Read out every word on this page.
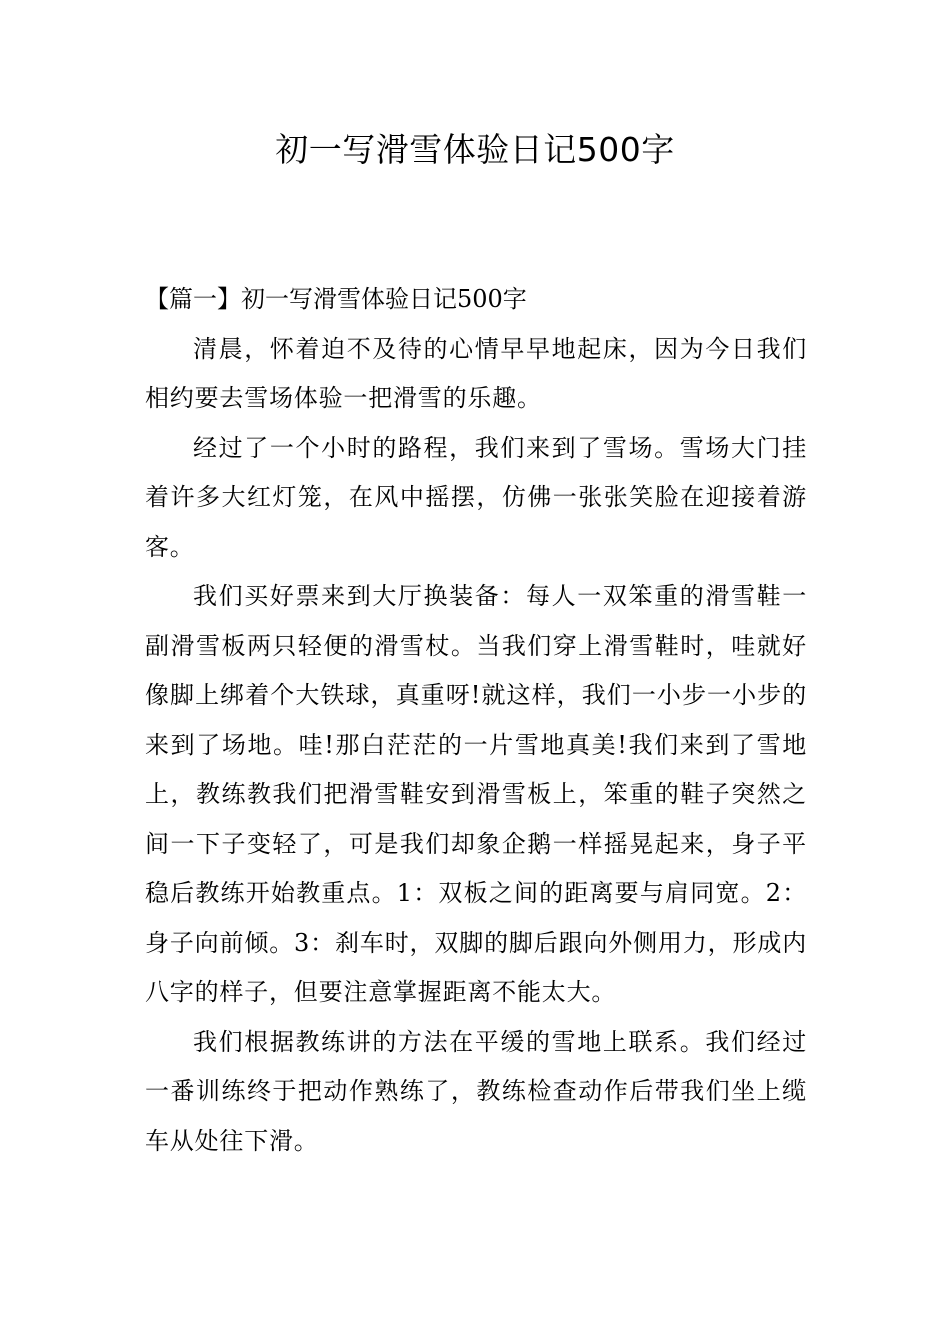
初一写滑雪体验日记500字
【篇一】初一写滑雪体验日记500字

清晨，怀着迫不及待的心情早早地起床，因为今日我们相约要去雪场体验一把滑雪的乐趣。

经过了一个小时的路程，我们来到了雪场。雪场大门挂着许多大红灯笼，在风中摇摆，仿佛一张张笑脸在迎接着游客。

我们买好票来到大厅换装备：每人一双笨重的滑雪鞋一副滑雪板两只轻便的滑雪杖。当我们穿上滑雪鞋时，哇就好像脚上绑着个大铁球，真重呀!就这样，我们一小步一小步的来到了场地。哇!那白茫茫的一片雪地真美!我们来到了雪地上，教练教我们把滑雪鞋安到滑雪板上，笨重的鞋子突然之间一下子变轻了，可是我们却象企鹅一样摇晃起来，身子平稳后教练开始教重点。1：双板之间的距离要与肩同宽。2：身子向前倾。3：刹车时，双脚的脚后跟向外侧用力，形成内八字的样子，但要注意掌握距离不能太大。

我们根据教练讲的方法在平缓的雪地上联系。我们经过一番训练终于把动作熟练了，教练检查动作后带我们坐上缆车从处往下滑。
